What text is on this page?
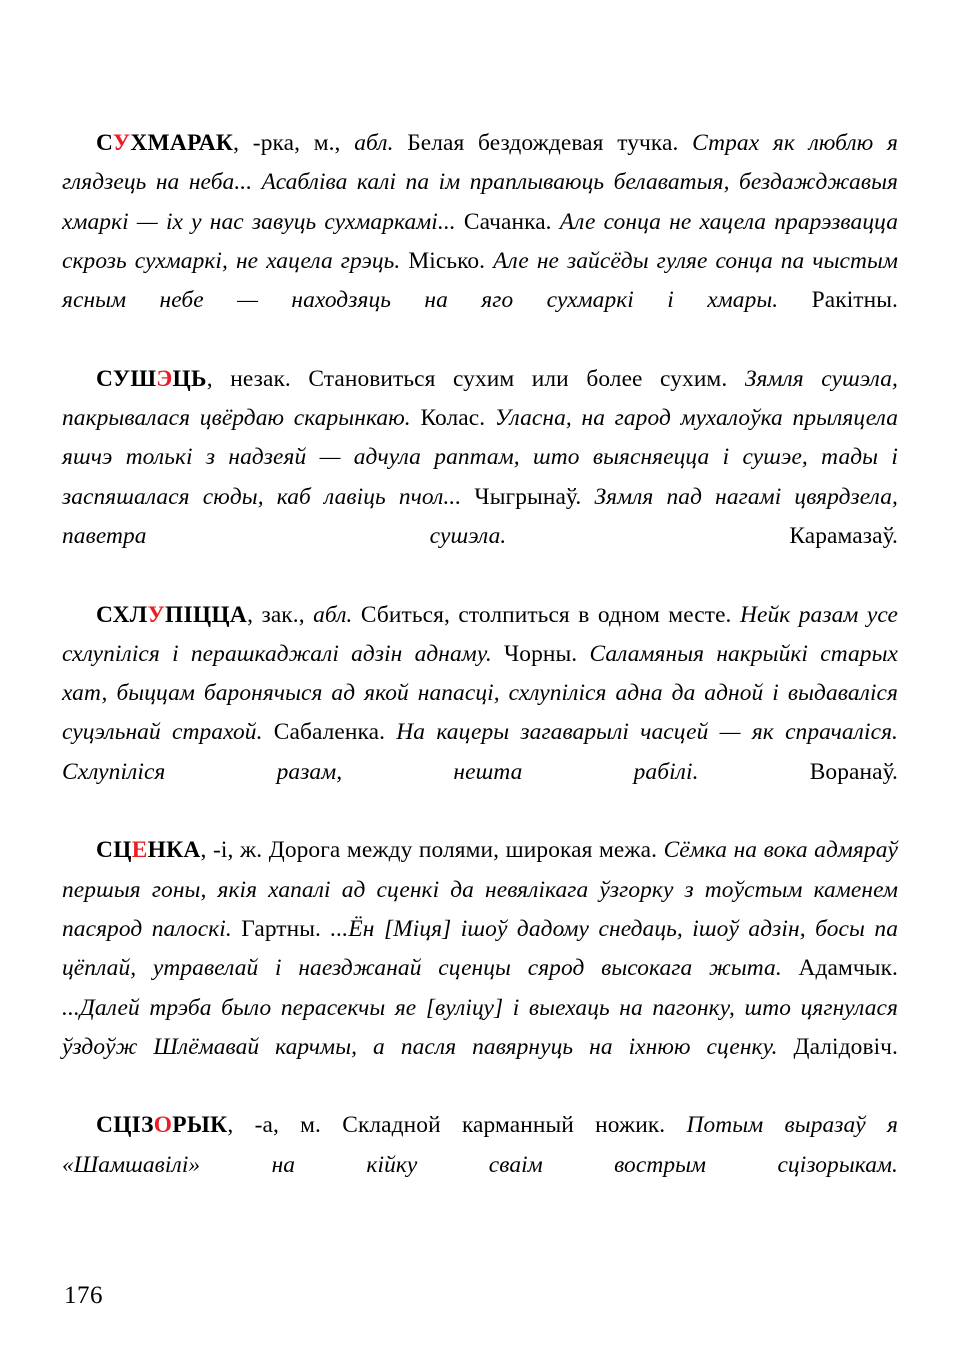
СУХМАРАК, -рка, м., абл. Белая бездождевая тучка. Страх як люблю я глядзець на неба... Асабліва калі па ім праплываюць белаватыя, бездажджавыя хмаркі — іх у нас завуць сухмаркамі... Сачанка. Але сонца не хацела прарэзвацца скрозь сухмаркі, не хацела грэць. Місько. Але не зайсёды гуляе сонца па чыстым ясным небе — находзяць на яго сухмаркі і хмары. Ракітны.

СУШЭЦЬ, незак. Становиться сухим или более сухим. Зямля сушэла, пакрывалася цвёрдаю скарынкаю. Колас. Уласна, на гарод мухалоўка прыляцела яшчэ толькі з надзеяй — адчула раптам, што выясняецца і сушэе, тады і заспяшалася сюды, каб лавіць пчол... Чыгрынаў. Зямля пад нагамі цвярдзела, паветра сушэла. Карамазаў.

СХЛУПІЦЦА, зак., абл. Сбиться, столпиться в одном месте. Нейк разам усе схлупіліся і перашкаджалі адзін аднаму. Чорны. Саламяныя накрыйкі старых хат, быццам баронячыся ад якой напасці, схлупіліся адна да адной і выдаваліся суцэльнай страхой. Сабаленка. На кацеры загаварылі часцей — як спрачаліся. Схлупіліся разам, нешта рабілі. Воранаў.

СЦЕНКА, -і, ж. Дорога между полями, широкая межа. Сёмка на вока адмяраў першыя гоны, якія хапалі ад сценкі да невялікага ўзгорку з тоўстым каменем пасярод палоскі. Гартны. ...Ён [Міця] ішоў дадому снедаць, ішоў адзін, босы па цёплай, утравелай і наезджанай сценцы сярод высокага жыта. Адамчык. ...Далей трэба было перасекчы яе [вуліцу] і выехаць на пагонку, што цягнулася ўздоўж Шлёмавай карчмы, а пасля павярнуць на іхнюю сценку. Далідовіч.

СЦІЗОРЫК, -а, м. Складной карманный ножик. Потым выразаў я «Шамшавілі» на кійку сваім вострым сцізорыкам.

176
